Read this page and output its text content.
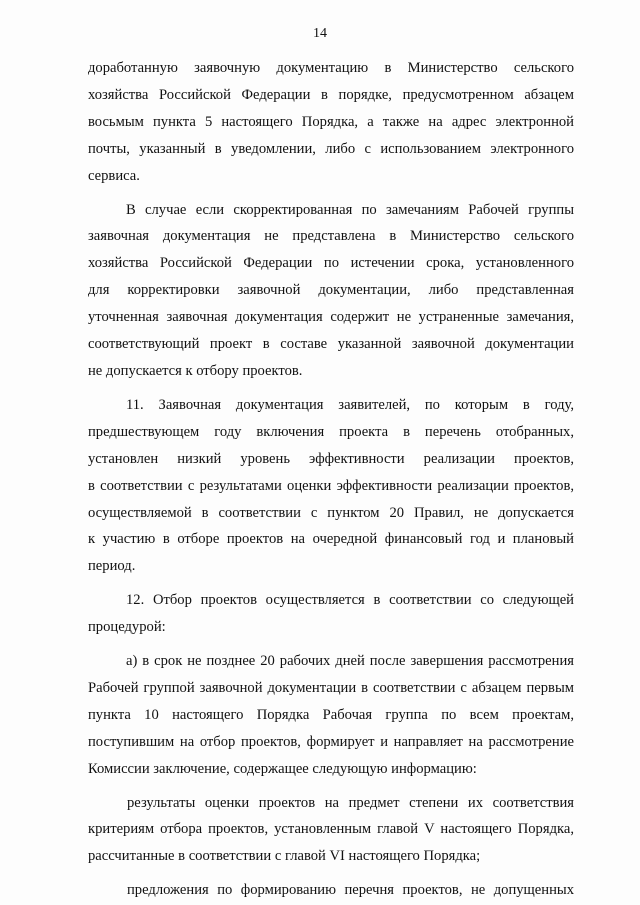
14
доработанную заявочную документацию в Министерство сельского
хозяйства Российской Федерации в порядке, предусмотренном абзацем
восьмым пункта 5 настоящего Порядка, а также на адрес электронной
почты, указанный в уведомлении, либо с использованием электронного
сервиса.
В случае если скорректированная по замечаниям Рабочей группы
заявочная документация не представлена в Министерство сельского
хозяйства Российской Федерации по истечении срока, установленного
для корректировки заявочной документации, либо представленная
уточненная заявочная документация содержит не устраненные замечания,
соответствующий проект в составе указанной заявочной документации
не допускается к отбору проектов.
11. Заявочная документация заявителей, по которым в году,
предшествующем году включения проекта в перечень отобранных,
установлен низкий уровень эффективности реализации проектов,
в соответствии с результатами оценки эффективности реализации проектов,
осуществляемой в соответствии с пунктом 20 Правил, не допускается
к участию в отборе проектов на очередной финансовый год и плановый
период.
12. Отбор проектов осуществляется в соответствии со следующей
процедурой:
а) в срок не позднее 20 рабочих дней после завершения рассмотрения
Рабочей группой заявочной документации в соответствии с абзацем первым
пункта 10 настоящего Порядка Рабочая группа по всем проектам,
поступившим на отбор проектов, формирует и направляет на рассмотрение
Комиссии заключение, содержащее следующую информацию:
результаты оценки проектов на предмет степени их соответствия
критериям отбора проектов, установленным главой V настоящего Порядка,
рассчитанные в соответствии с главой VI настоящего Порядка;
предложения по формированию перечня проектов, не допущенных
